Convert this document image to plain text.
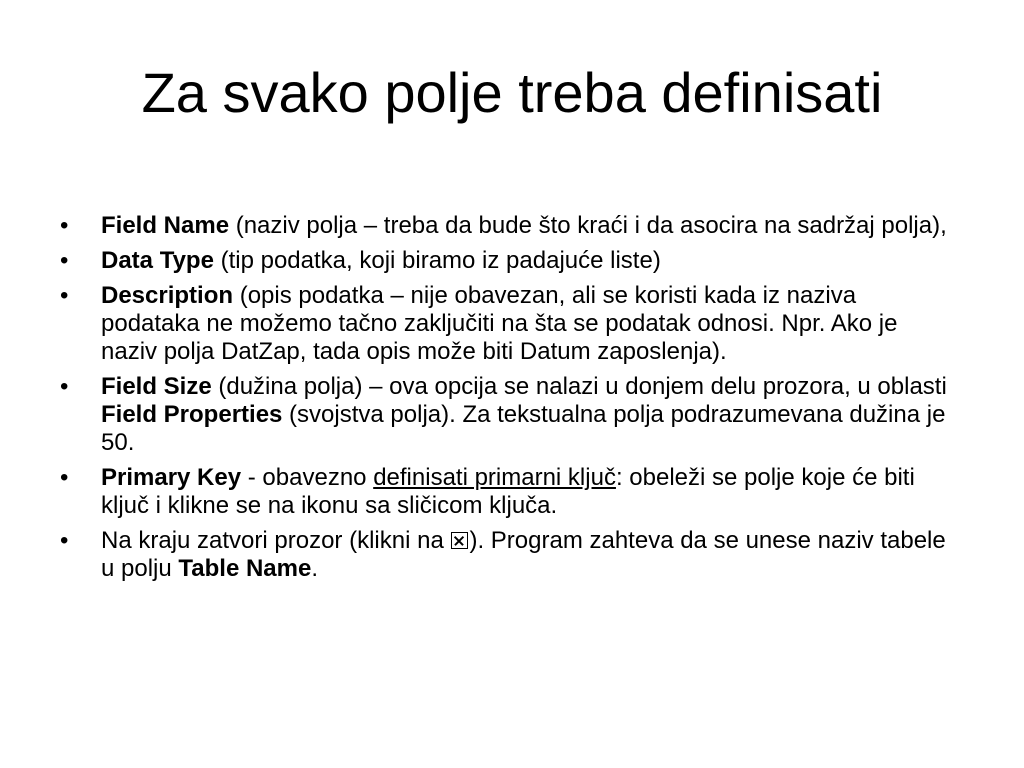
Za svako polje treba definisati
•	Field Name (naziv polja – treba da bude što kraći i da asocira na sadržaj polja),
•	Data Type (tip podatka, koji biramo iz padajuće liste)
•	Description (opis podatka – nije obavezan, ali se koristi kada iz naziva podataka ne možemo tačno zaključiti na šta se podatak odnosi. Npr. Ako je naziv polja DatZap, tada opis može biti Datum zaposlenja).
•	Field Size (dužina polja) – ova opcija se nalazi u donjem delu prozora, u oblasti Field Properties (svojstva polja). Za tekstualna polja podrazumevana dužina je 50.
•	Primary Key - obavezno definisati primarni ključ: obeleži se polje koje će biti ključ i klikne se na ikonu sa sličicom ključa.
•	Na kraju zatvori prozor (klikni na ). Program zahteva da se unese naziv tabele u polju Table Name.
